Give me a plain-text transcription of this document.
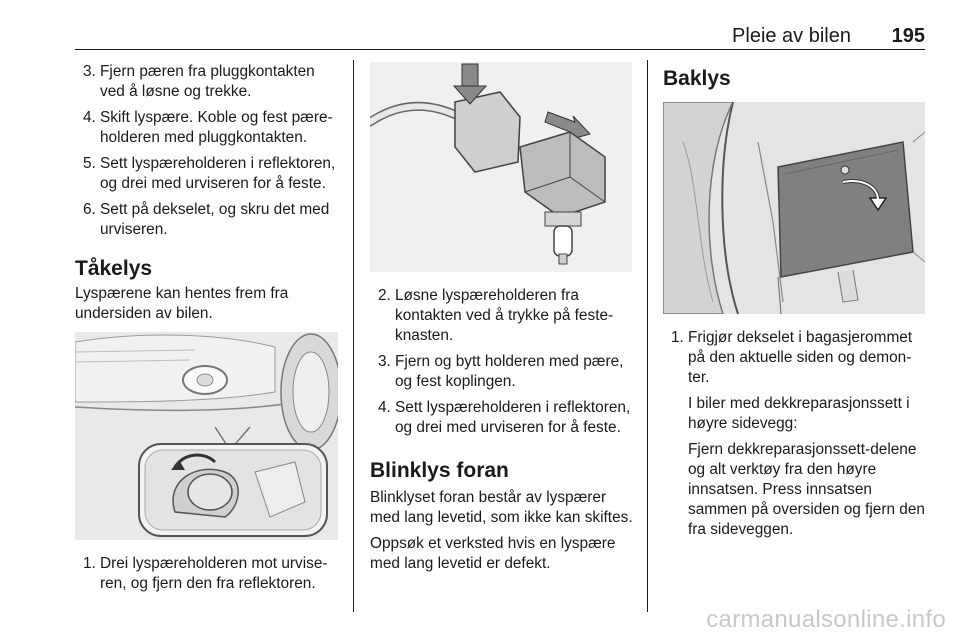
Pleie av bilen 195
3. Fjern pæren fra pluggkontakten ved å løsne og trekke.
4. Skift lyspære. Koble og fest pæreholderen med pluggkontakten.
5. Sett lyspæreholderen i reflektoren, og drei med urviseren for å feste.
6. Sett på dekselet, og skru det med urviseren.
Tåkelys

Lyspærene kan hentes frem fra undersiden av bilen.

1. Drei lyspæreholderen mot urviseren, og fjern den fra reflektoren.
2. Løsne lyspæreholderen fra kontakten ved å trykke på festeknasten.
3. Fjern og bytt holderen med pære, og fest koplingen.
4. Sett lyspæreholderen i reflektoren, og drei med urviseren for å feste.
Blinklys foran

Blinklyset foran består av lyspærer med lang levetid, som ikke kan skiftes.

Oppsøk et verksted hvis en lyspære med lang levetid er defekt.

Baklys
1. Frigjør dekselet i bagasjerommet på den aktuelle siden og demonter.

I biler med dekkreparasjonssett i høyre sidevegg:

Fjern dekkreparasjonssett-delene og alt verktøy fra den høyre innsatsen. Press innsatsen sammen på oversiden og fjern den fra sideveggen.

carmanualsonline.info
